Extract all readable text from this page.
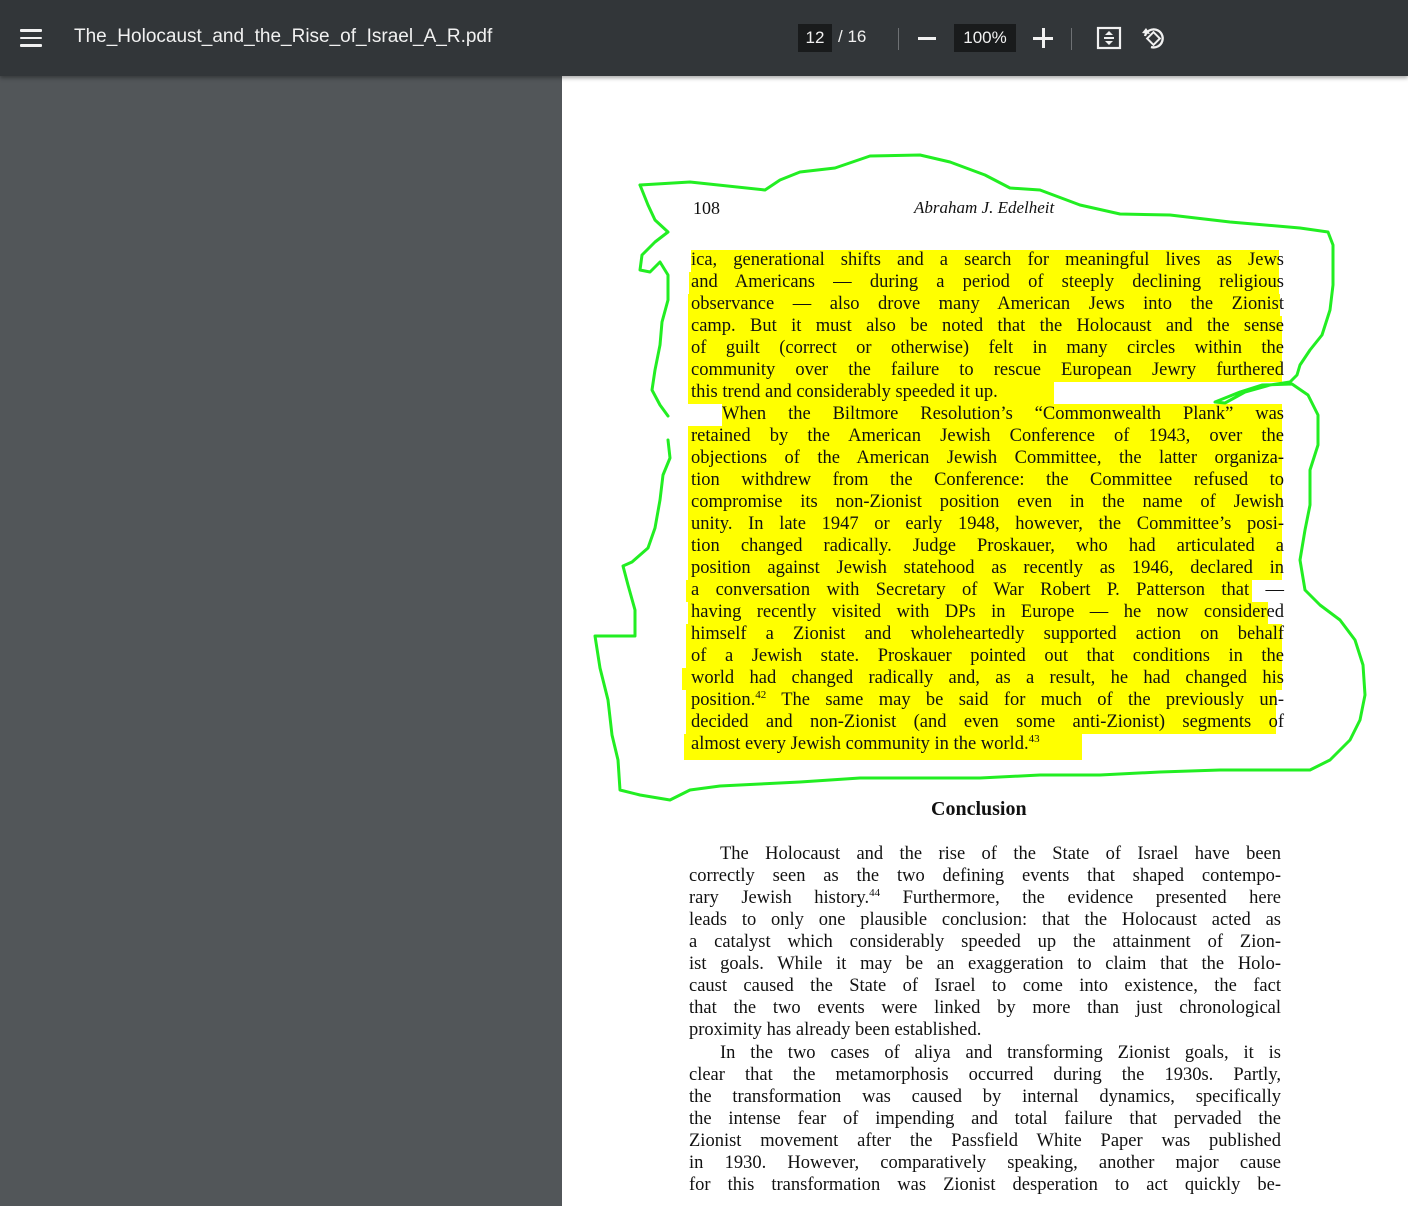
The_Holocaust_and_the_Rise_of_Israel_A_R.pdf	12 / 16	100%
108	Abraham J. Edelheit
ica, generational shifts and a search for meaningful lives as Jews
and Americans — during a period of steeply declining religious
observance — also drove many American Jews into the Zionist
camp. But it must also be noted that the Holocaust and the sense
of guilt (correct or otherwise) felt in many circles within the
community over the failure to rescue European Jewry furthered
this trend and considerably speeded it up.
When the Biltmore Resolution’s “Commonwealth Plank” was
retained by the American Jewish Conference of 1943, over the
objections of the American Jewish Committee, the latter organiza-
tion withdrew from the Conference: the Committee refused to
compromise its non-Zionist position even in the name of Jewish
unity. In late 1947 or early 1948, however, the Committee’s posi-
tion changed radically. Judge Proskauer, who had articulated a
position against Jewish statehood as recently as 1946, declared in
a conversation with Secretary of War Robert P. Patterson that —
having recently visited with DPs in Europe — he now considered
himself a Zionist and wholeheartedly supported action on behalf
of a Jewish state. Proskauer pointed out that conditions in the
world had changed radically and, as a result, he had changed his
position.$^{42}$ The same may be said for much of the previously un-
decided and non-Zionist (and even some anti-Zionist) segments of
almost every Jewish community in the world.$^{43}$
Conclusion
The Holocaust and the rise of the State of Israel have been
correctly seen as the two defining events that shaped contempo-
rary Jewish history.$^{44}$ Furthermore, the evidence presented here
leads to only one plausible conclusion: that the Holocaust acted as
a catalyst which considerably speeded up the attainment of Zion-
ist goals. While it may be an exaggeration to claim that the Holo-
caust caused the State of Israel to come into existence, the fact
that the two events were linked by more than just chronological
proximity has already been established.
In the two cases of aliya and transforming Zionist goals, it is
clear that the metamorphosis occurred during the 1930s. Partly,
the transformation was caused by internal dynamics, specifically
the intense fear of impending and total failure that pervaded the
Zionist movement after the Passfield White Paper was published
in 1930. However, comparatively speaking, another major cause
for this transformation was Zionist desperation to act quickly be-
